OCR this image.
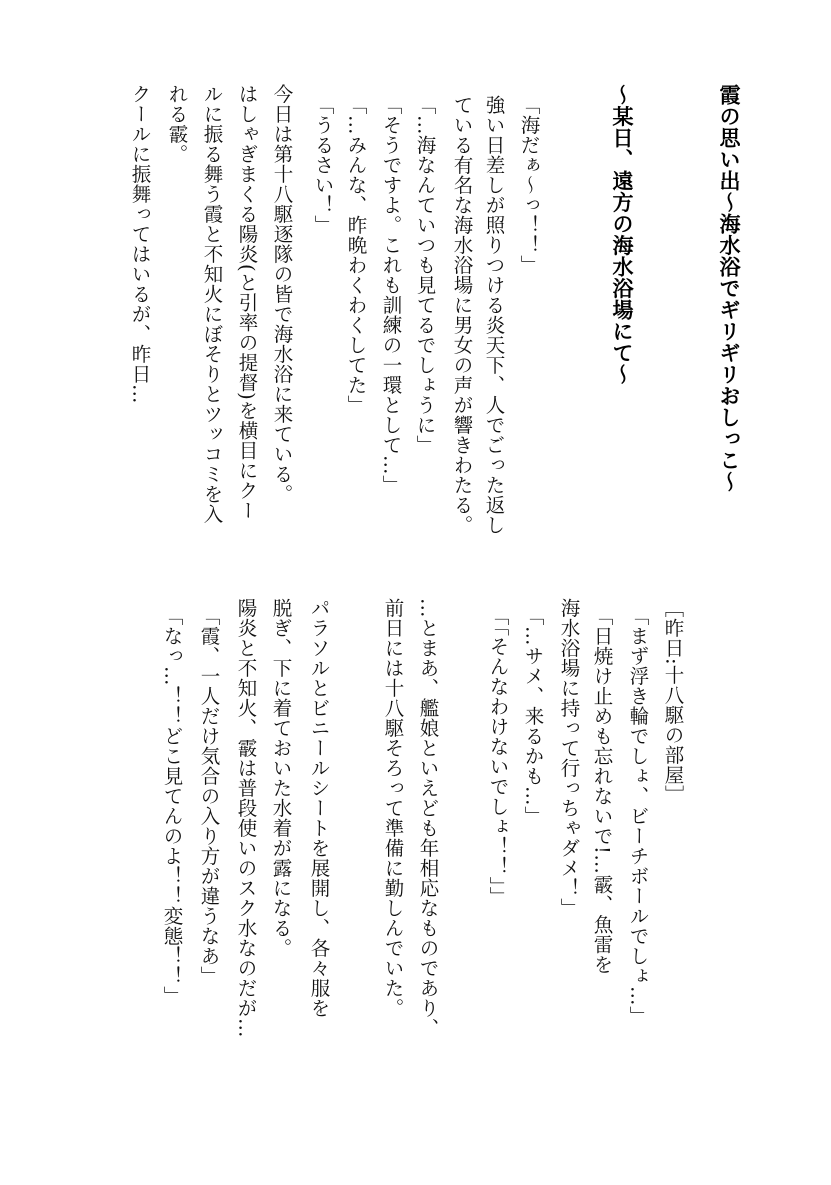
霞の思い出～海水浴でギリギリおしっこ～
～某日、遠方の海水浴場にて～
「海だぁ～っ！！」
強い日差しが照りつける炎天下、人でごった返し
ている有名な海水浴場に男女の声が響きわたる。
「…海なんていつも見てるでしょうに」
「そうですよ。これも訓練の一環として…」
「…みんな、昨晩わくわくしてた」
「うるさい！」
今日は第十八駆逐隊の皆で海水浴に来ている。
はしゃぎまくる陽炎(と引率の提督)を横目にクー
ルに振る舞う霞と不知火にぼそりとツッコミを入
れる霰。
クールに振舞ってはいるが、昨日…
［昨日:十八駆の部屋］
「まず浮き輪でしょ、ビーチボールでしょ…」
「日焼け止めも忘れないで!…霰、魚雷を
海水浴場に持って行っちゃダメ！」
「…サメ、来るかも…」
「「そんなわけないでしょ！！」」
…とまあ、艦娘といえども年相応なものであり、
前日には十八駆そろって準備に勤しんでいた。
パラソルとビニールシートを展開し、各々服を
脱ぎ、下に着ておいた水着が露になる。
陽炎と不知火、霰は普段使いのスク水なのだが…
「霞、一人だけ気合の入り方が違うなあ」
「なっ…！！どこ見てんのよ！！変態！！」
